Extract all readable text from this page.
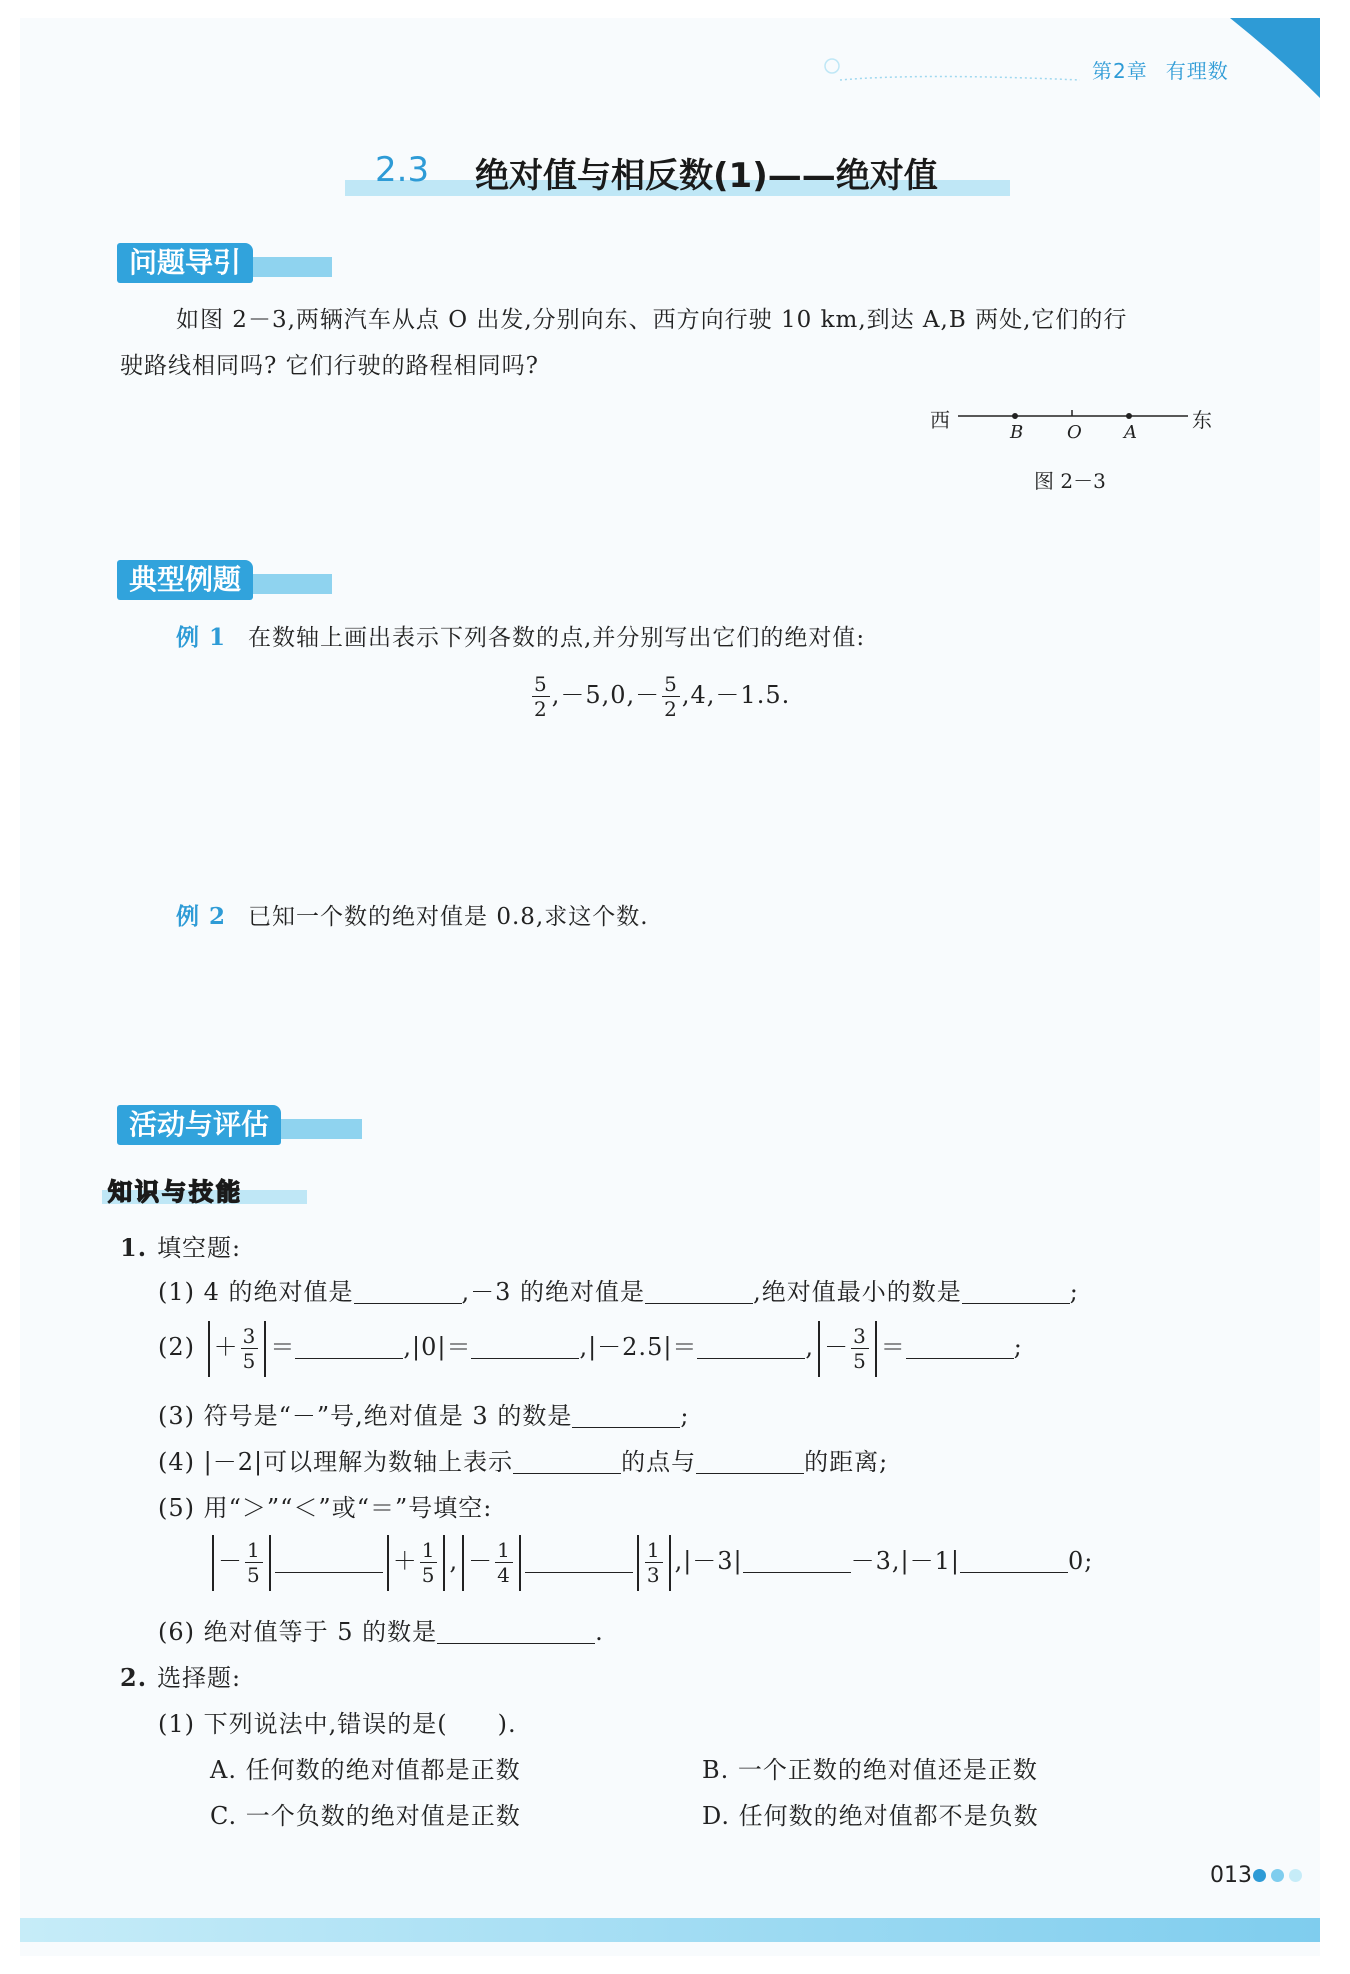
第2章 有理数
2.3 绝对值与相反数(1)——绝对值
问题导引
如图 2－3,两辆汽车从点 O 出发,分别向东、西方向行驶 10 km,到达 A,B 两处,它们的行
驶路线相同吗? 它们行驶的路程相同吗?
西	东
B O A
图 2－3
典型例题
例 1 在数轴上画出表示下列各数的点,并分别写出它们的绝对值:
$\frac{5}{2} ,-5,0,- \frac{5}{2} ,4,-1.5$.
例 2 已知一个数的绝对值是 0.8,求这个数.
活动与评估
知识与技能
1. 填空题:
(1) 4 的绝对值是	,－3 的绝对值是	,绝对值最小的数是	;
$(2) + \frac{3}{5}$ ＝	,|0|＝	,|－2.5|＝	, － $\frac{3}{5}$ ＝	;
(3) 符号是“－”号,绝对值是 3 的数是	;
(4) |－2|可以理解为数轴上表示	的点与	的距离;
(5) 用“＞”“＜”或“＝”号填空:
－ $\frac{1}{5}$	＋ $\frac{1}{5}$ , － $\frac{1}{4}$	$\frac{1}{3} ,|-3|$	－3,|－1|	0;
(6) 绝对值等于 5 的数是	.
2. 选择题:
(1) 下列说法中,错误的是(　　).
A. 任何数的绝对值都是正数	B. 一个正数的绝对值还是正数
C. 一个负数的绝对值是正数	D. 任何数的绝对值都不是负数
013
